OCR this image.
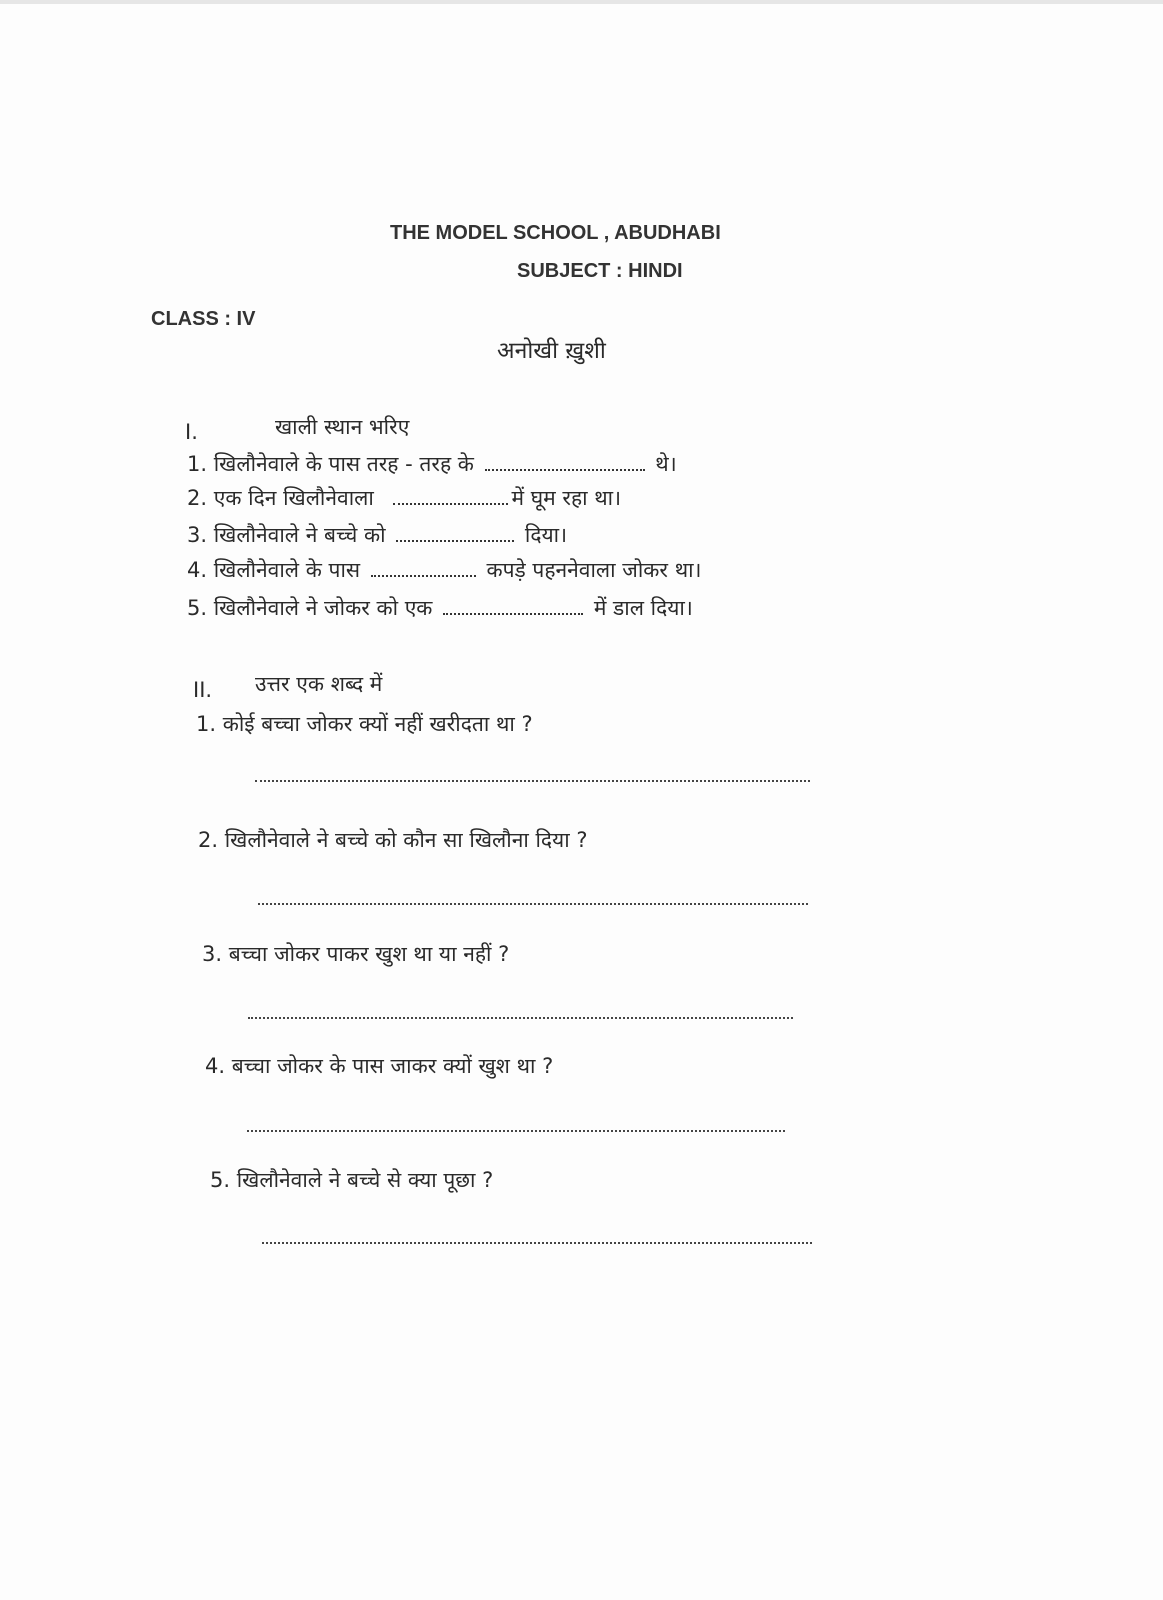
THE MODEL SCHOOL , ABUDHABI
SUBJECT : HINDI
CLASS : IV
अनोखी ख़ुशी
I.	खाली स्थान भरिए
1. खिलौनेवाले के पास तरह - तरह के	थे।
2. एक दिन खिलौनेवाला	में घूम रहा था।
3. खिलौनेवाले ने बच्चे को	दिया।
4. खिलौनेवाले के पास	कपड़े पहननेवाला जोकर था।
5. खिलौनेवाले ने जोकर को एक	में डाल दिया।
II. उत्तर एक शब्द में
1. कोई बच्चा जोकर क्यों नहीं खरीदता था ?
2. खिलौनेवाले ने बच्चे को कौन सा खिलौना दिया ?
3. बच्चा जोकर पाकर खुश था या नहीं ?
4. बच्चा जोकर के पास जाकर क्यों खुश था ?
5. खिलौनेवाले ने बच्चे से क्या पूछा ?
